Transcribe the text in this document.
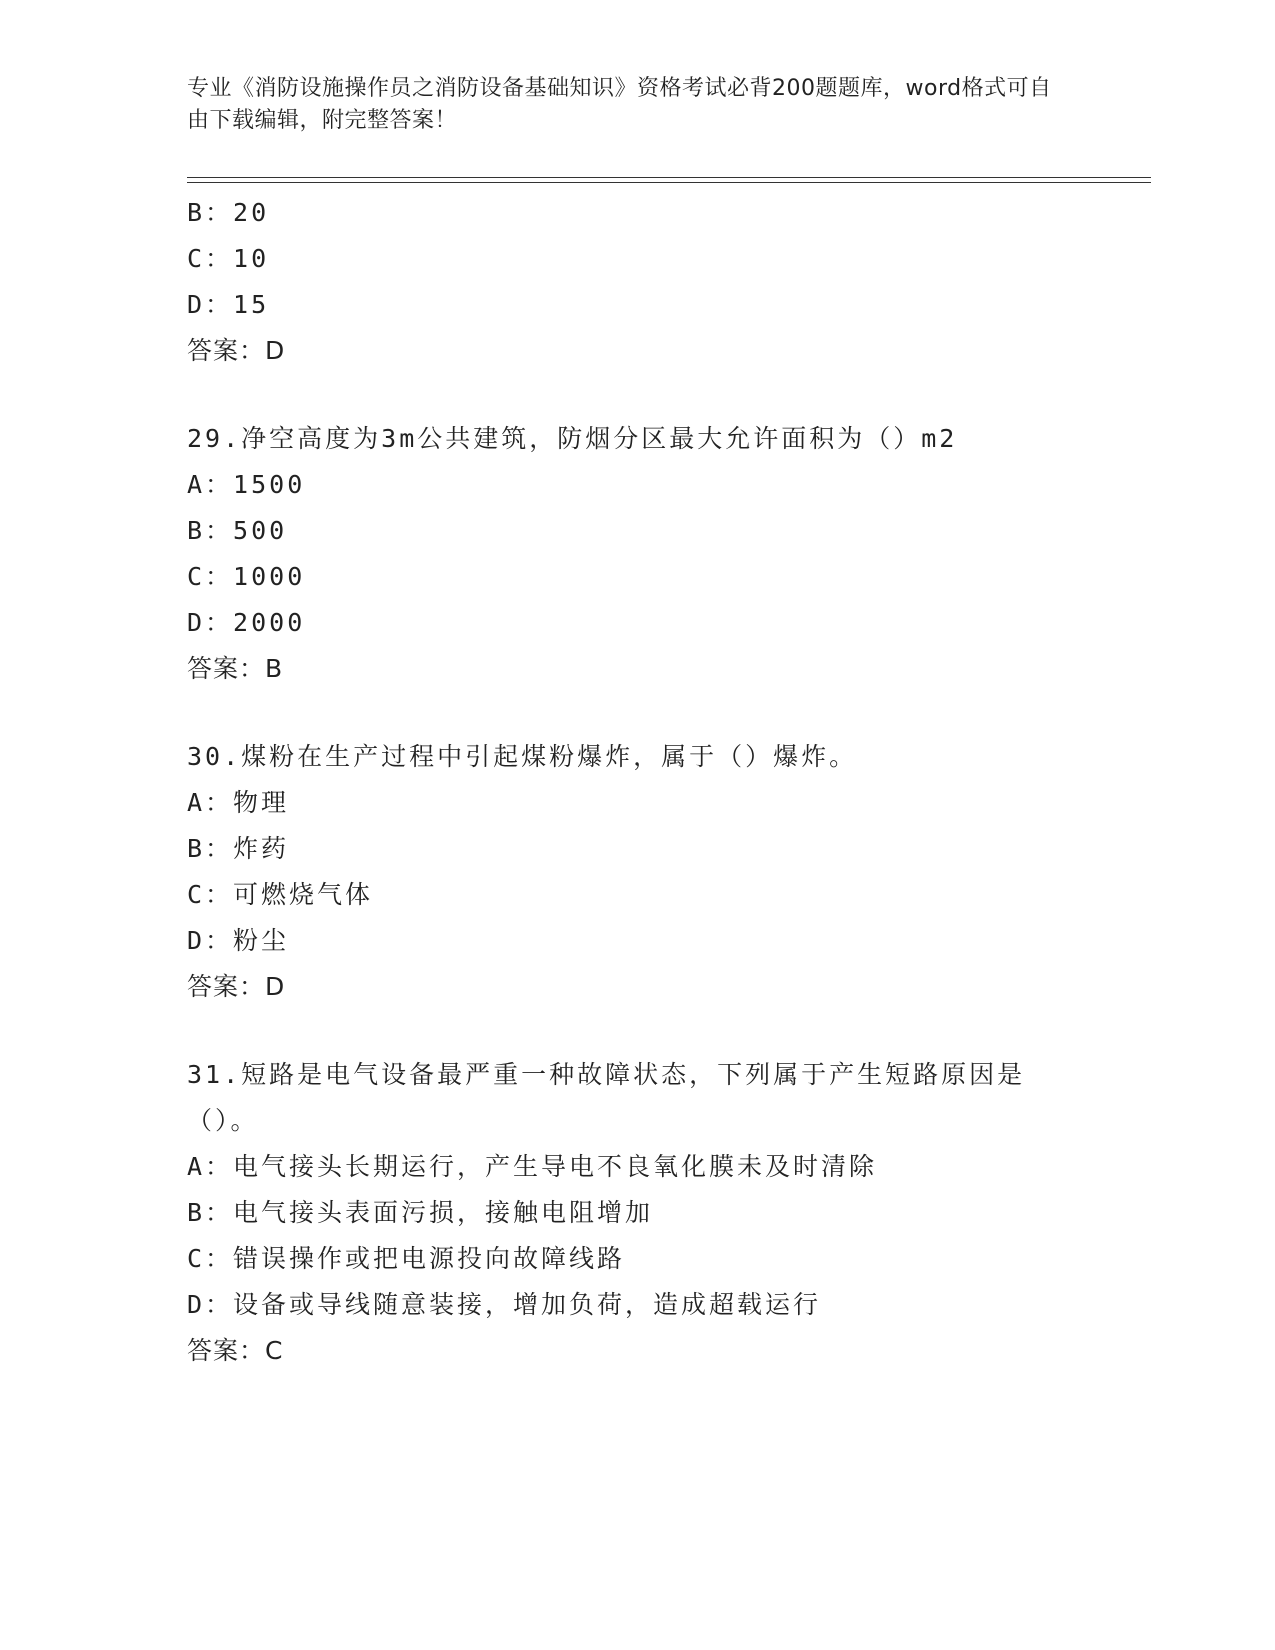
专业《消防设施操作员之消防设备基础知识》资格考试必背200题题库，word格式可自由下载编辑，附完整答案！
B：20
C：10
D：15
答案：D
29.净空高度为3m公共建筑，防烟分区最大允许面积为（）m2
A：1500
B：500
C：1000
D：2000
答案：B
30.煤粉在生产过程中引起煤粉爆炸，属于（）爆炸。
A：物理
B：炸药
C：可燃烧气体
D：粉尘
答案：D
31.短路是电气设备最严重一种故障状态，下列属于产生短路原因是（）。
A：电气接头长期运行，产生导电不良氧化膜未及时清除
B：电气接头表面污损，接触电阻增加
C：错误操作或把电源投向故障线路
D：设备或导线随意装接，增加负荷，造成超载运行
答案：C
